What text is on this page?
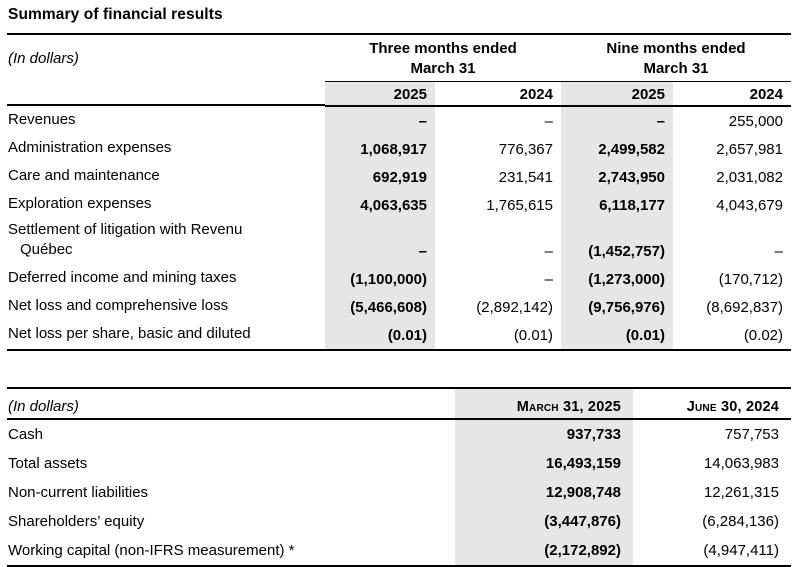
Summary of financial results
(In dollars)
Three months ended
March 31
Nine months ended
March 31
2025	2024	2025	2024
Revenues	–	–	–	255,000
Administration expenses	1,068,917	776,367	2,499,582	2,657,981
Care and maintenance	692,919	231,541	2,743,950	2,031,082
Exploration expenses	4,063,635	1,765,615	6,118,177	4,043,679
Settlement of litigation with Revenu
Québec	–	–	(1,452,757)	–
Deferred income and mining taxes	(1,100,000)	–	(1,273,000)	(170,712)
Net loss and comprehensive loss	(5,466,608)	(2,892,142)	(9,756,976)	(8,692,837)
Net loss per share, basic and diluted	(0.01)	(0.01)	(0.01)	(0.02)
(In dollars)	March 31, 2025	June 30, 2024
Cash	937,733	757,753
Total assets	16,493,159	14,063,983
Non-current liabilities	12,908,748	12,261,315
Shareholders’ equity	(3,447,876)	(6,284,136)
Working capital (non-IFRS measurement) *	(2,172,892)	(4,947,411)
